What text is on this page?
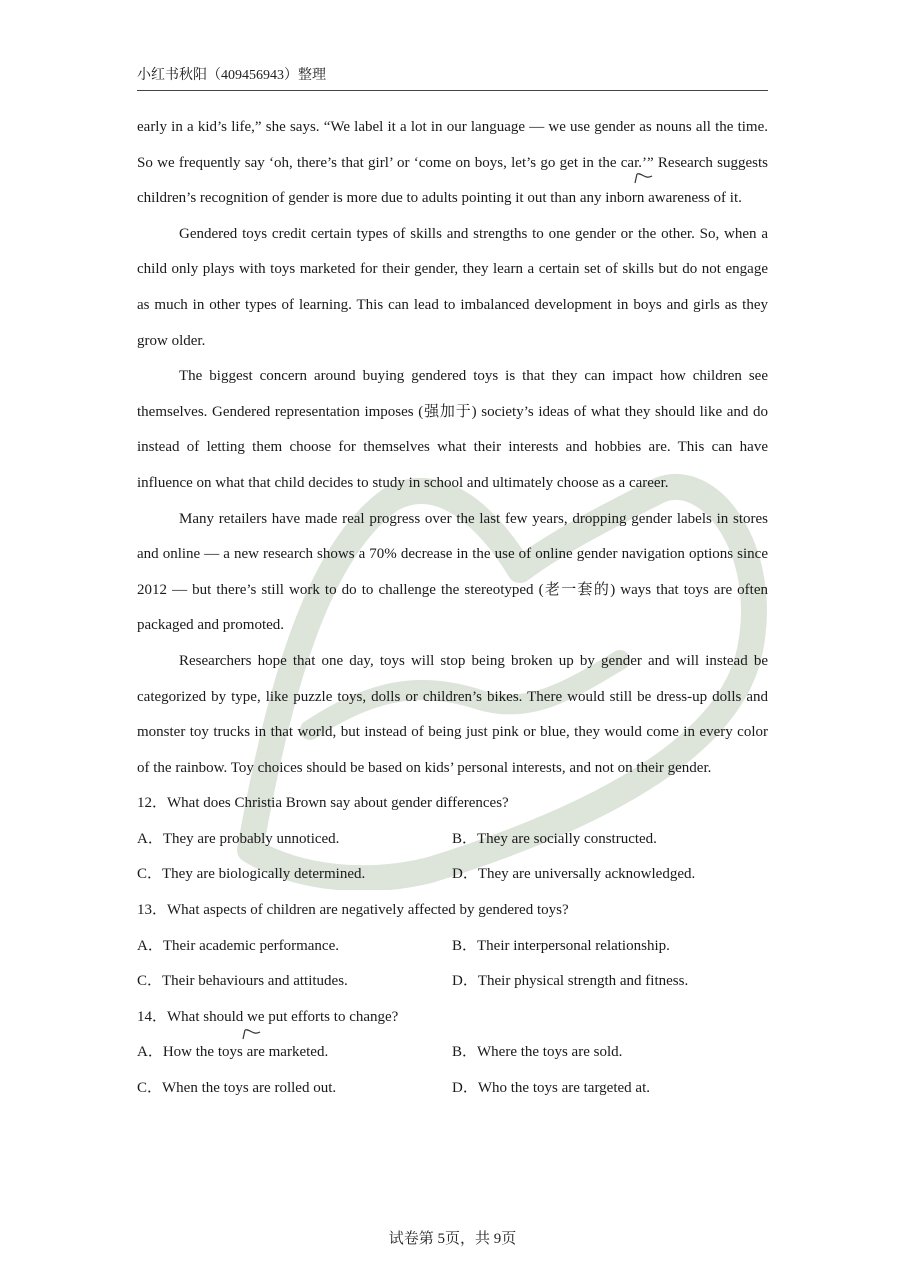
小红书秋阳（409456943）整理

early in a kid’s life,” she says. “We label it a lot in our language — we use gender as nouns all the time. So we frequently say ‘oh, there’s that girl’ or ‘come on boys, let’s go get in the car.’” Research suggests children’s recognition of gender is more due to adults pointing it out than any inborn awareness of it.

Gendered toys credit certain types of skills and strengths to one gender or the other. So, when a child only plays with toys marketed for their gender, they learn a certain set of skills but do not engage as much in other types of learning. This can lead to imbalanced development in boys and girls as they grow older.

The biggest concern around buying gendered toys is that they can impact how children see themselves. Gendered representation imposes (强加于) society’s ideas of what they should like and do instead of letting them choose for themselves what their interests and hobbies are. This can have influence on what that child decides to study in school and ultimately choose as a career.

Many retailers have made real progress over the last few years, dropping gender labels in stores and online — a new research shows a 70% decrease in the use of online gender navigation options since 2012 — but there’s still work to do to challenge the stereotyped (老一套的) ways that toys are often packaged and promoted.

Researchers hope that one day, toys will stop being broken up by gender and will instead be categorized by type, like puzzle toys, dolls or children’s bikes. There would still be dress-up dolls and monster toy trucks in that world, but instead of being just pink or blue, they would come in every color of the rainbow. Toy choices should be based on kids’ personal interests, and not on their gender.

12．What does Christia Brown say about gender differences?

A．They are probably unnoticed.	B．They are socially constructed.
C．They are biologically determined.	D．They are universally acknowledged.

13．What aspects of children are negatively affected by gendered toys?

A．Their academic performance.	B．Their interpersonal relationship.
C．Their behaviours and attitudes.	D．Their physical strength and fitness.

14．What should we put efforts to change?

A．How the toys are marketed.	B．Where the toys are sold.
C．When the toys are rolled out.	D．Who the toys are targeted at.
试卷第 5页，共 9页
